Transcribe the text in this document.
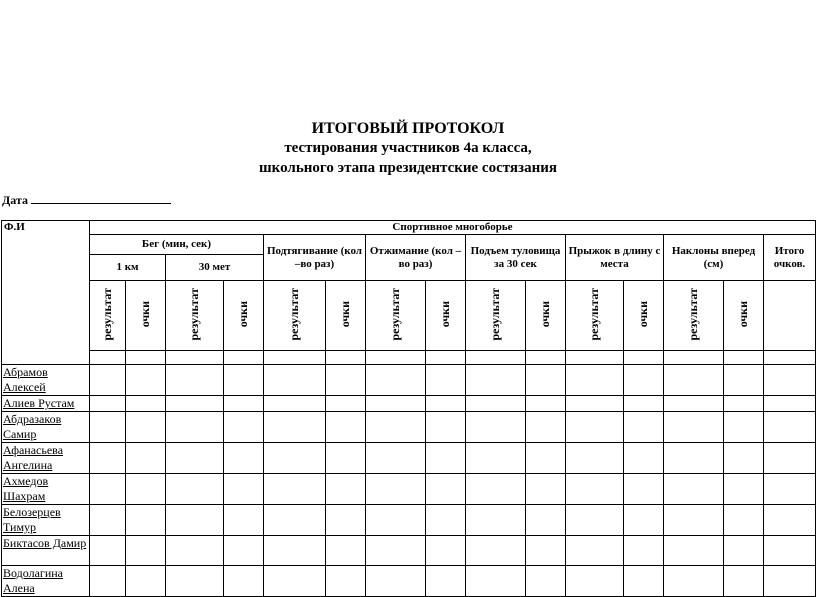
ИТОГОВЫЙ ПРОТОКОЛ
тестирования участников 4а класса,
школьного этапа президентские состязания
Дата
Ф.И	Спортивное многоборье														
	Бег (мин, сек)				Подтягивание (кол –во раз)		Отжимание (кол – во раз)		Подъем туловища за 30 сек		Прыжок в длину с места		Наклоны вперед (см)		Итого очков.
	1 км		30 мет												
	результат	очки	результат	очки	результат	очки	результат	очки	результат	очки	результат	очки	результат	очки	

Абрамов Алексей															
Алиев Рустам															
Абдразаков Самир															
Афанасьева Ангелина															
Ахмедов Шахрам															
Белозерцев Тимур															
Биктасов Дамир															
Водолагина Алена															
